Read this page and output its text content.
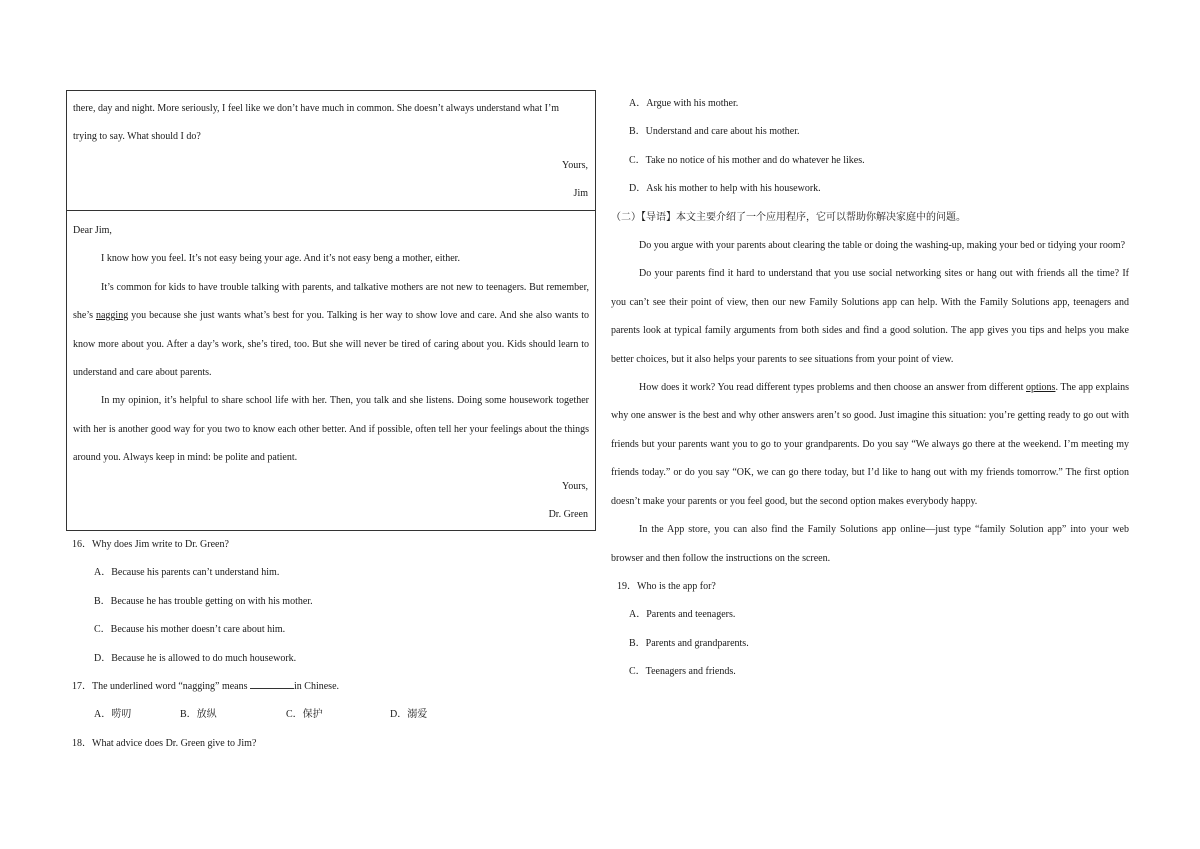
there, day and night. More seriously, I feel like we don’t have much in common. She doesn’t always understand what I’m

trying to say. What should I do?

Yours,

Jim

Dear Jim,

I know how you feel. It’s not easy being your age. And it’s not easy beng a mother, either.

It’s common for kids to have trouble talking with parents, and talkative mothers are not new to teenagers. But remember, she’s nagging you because she just wants what’s best for you. Talking is her way to show love and care. And she also wants to know more about you. After a day’s work, she’s tired, too. But she will never be tired of caring about you. Kids should learn to understand and care about parents.

In my opinion, it’s helpful to share school life with her. Then, you talk and she listens. Doing some housework together with her is another good way for you two to know each other better. And if possible, often tell her your feelings about the things around you. Always keep in mind: be polite and patient.

Yours,

Dr. Green

16．Why does Jim write to Dr. Green?

A．Because his parents can’t understand him.

B．Because he has trouble getting on with his mother.

C．Because his mother doesn’t care about him.

D．Because he is allowed to do much housework.

17．The underlined word “nagging” means	in Chinese.

A．唠叨	B．放纵	C．保护	D．溺爱

18．What advice does Dr. Green give to Jim?

A．Argue with his mother.

B．Understand and care about his mother.

C．Take no notice of his mother and do whatever he likes.

D．Ask his mother to help with his housework.

（二）【导语】本文主要介绍了一个应用程序，它可以帮助你解决家庭中的问题。

Do you argue with your parents about clearing the table or doing the washing-up, making your bed or tidying your room?

Do your parents find it hard to understand that you use social networking sites or hang out with friends all the time? If you can’t see their point of view, then our new Family Solutions app can help. With the Family Solutions app, teenagers and parents look at typical family arguments from both sides and find a good solution. The app gives you tips and helps you make better choices, but it also helps your parents to see situations from your point of view.

How does it work? You read different types problems and then choose an answer from different options. The app explains why one answer is the best and why other answers aren’t so good. Just imagine this situation: you’re getting ready to go out with friends but your parents want you to go to your grandparents. Do you say “We always go there at the weekend. I’m meeting my friends today.” or do you say “OK, we can go there today, but I’d like to hang out with my friends tomorrow.” The first option doesn’t make your parents or you feel good, but the second option makes everybody happy.

In the App store, you can also find the Family Solutions app online—just type “family Solution app” into your web browser and then follow the instructions on the screen.

19．Who is the app for?

A．Parents and teenagers.

B．Parents and grandparents.

C．Teenagers and friends.
